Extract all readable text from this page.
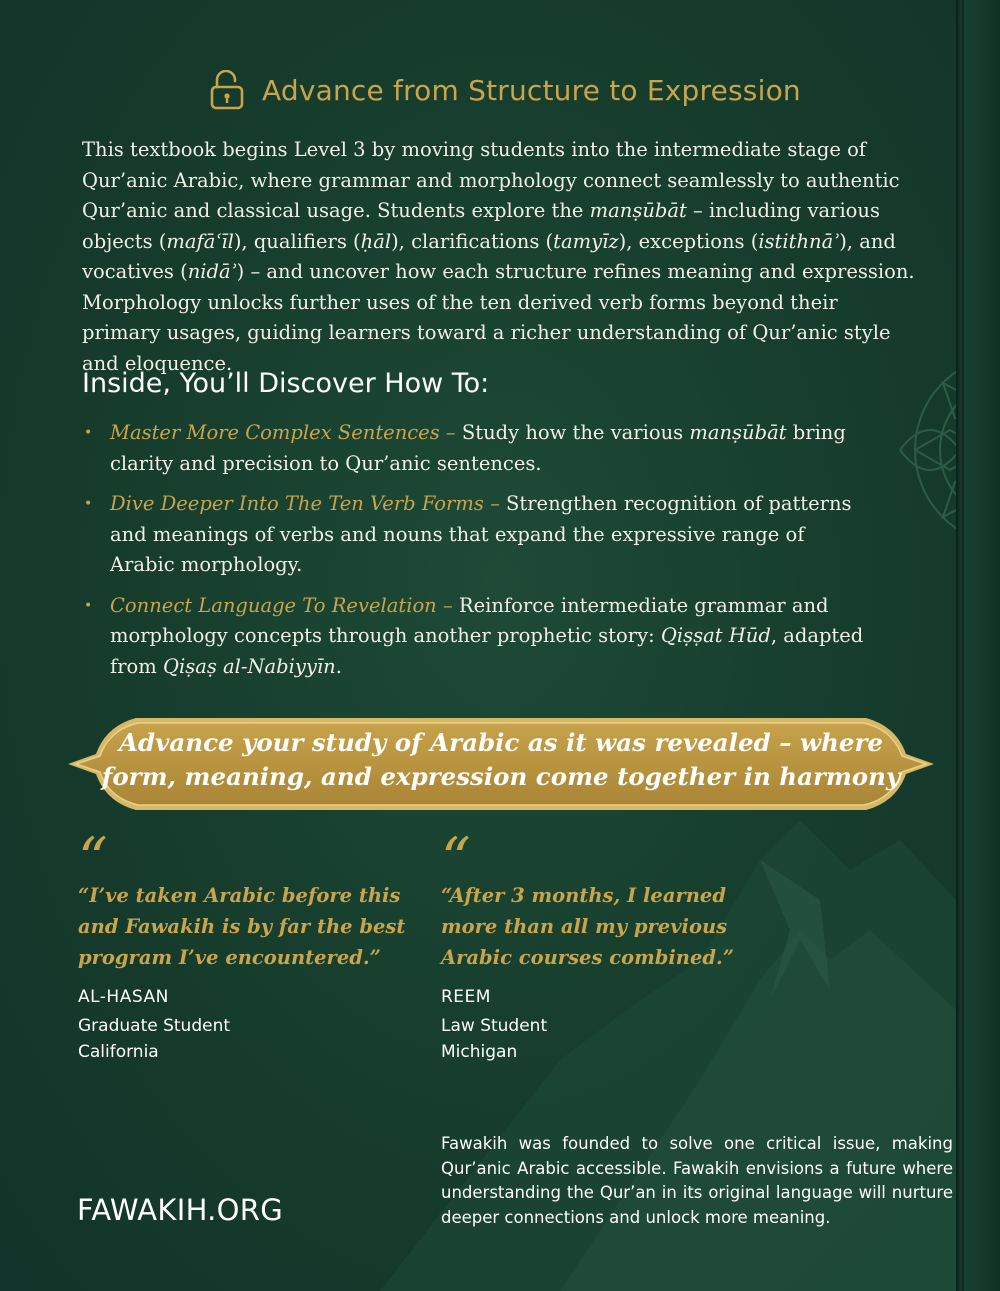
Advance from Structure to Expression

This textbook begins Level 3 by moving students into the intermediate stage of Qur’anic Arabic, where grammar and morphology connect seamlessly to authentic Qur’anic and classical usage. Students explore the manṣūbāt – including various objects (mafāʿīl), qualifiers (ḥāl), clarifications (tamyīz), exceptions (istithnāʾ), and vocatives (nidāʾ) – and uncover how each structure refines meaning and expression. Morphology unlocks further uses of the ten derived verb forms beyond their primary usages, guiding learners toward a richer understanding of Qur’anic style and eloquence.

Inside, You’ll Discover How To:
• Master More Complex Sentences – Study how the various manṣūbāt bring clarity and precision to Qur’anic sentences.
• Dive Deeper Into The Ten Verb Forms – Strengthen recognition of patterns and meanings of verbs and nouns that expand the expressive range of Arabic morphology.
• Connect Language To Revelation – Reinforce intermediate grammar and morphology concepts through another prophetic story: Qiṣṣat Hūd, adapted from Qiṣaṣ al-Nabiyyīn.
Advance your study of Arabic as it was revealed – where
form, meaning, and expression come together in harmony
“
“I’ve taken Arabic before this and Fawakih is by far the best program I’ve encountered.”
AL-HASAN
Graduate Student
California
“
“After 3 months, I learned more than all my previous Arabic courses combined.”
REEM
Law Student
Michigan
FAWAKIH.ORG
Fawakih was founded to solve one critical issue, making Qur’anic Arabic accessible. Fawakih envisions a future where understanding the Qur’an in its original language will nurture deeper connections and unlock more meaning.
